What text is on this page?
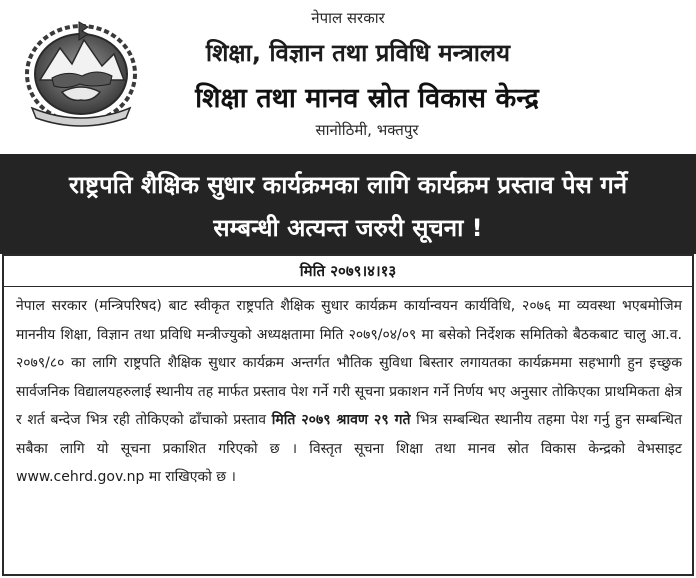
नेपाल सरकार
शिक्षा, विज्ञान तथा प्रविधि मन्त्रालय
शिक्षा तथा मानव स्रोत विकास केन्द्र
सानोठिमी, भक्तपुर
राष्ट्रपति शैक्षिक सुधार कार्यक्रमका लागि कार्यक्रम प्रस्ताव पेस गर्ने
सम्बन्धी अत्यन्त जरुरी सूचना !
मिति २०७९।४।१३
नेपाल सरकार (मन्त्रिपरिषद) बाट स्वीकृत राष्ट्रपति शैक्षिक सुधार कार्यक्रम कार्यान्वयन कार्यविधि, २०७६ मा व्यवस्था भएबमोजिम माननीय शिक्षा, विज्ञान तथा प्रविधि मन्त्रीज्युको अध्यक्षतामा मिति २०७९/०४/०९ मा बसेको निर्देशक समितिको बैठकबाट चालु आ.व. २०७९/८० का लागि राष्ट्रपति शैक्षिक सुधार कार्यक्रम अन्तर्गत भौतिक सुविधा बिस्तार लगायतका कार्यक्रममा सहभागी हुन इच्छुक सार्वजनिक विद्यालयहरुलाई स्थानीय तह मार्फत प्रस्ताव पेश गर्ने गरी सूचना प्रकाशन गर्ने निर्णय भए अनुसार तोकिएका प्राथमिकता क्षेत्र र शर्त बन्देज भित्र रही तोकिएको ढाँचाको प्रस्ताव मिति २०७९ श्रावण २९ गते भित्र सम्बन्धित स्थानीय तहमा पेश गर्नु हुन सम्बन्धित सबैका लागि यो सूचना प्रकाशित गरिएको छ । विस्तृत सूचना शिक्षा तथा मानव स्रोत विकास केन्द्रको वेभसाइट www.cehrd.gov.np मा राखिएको छ ।
